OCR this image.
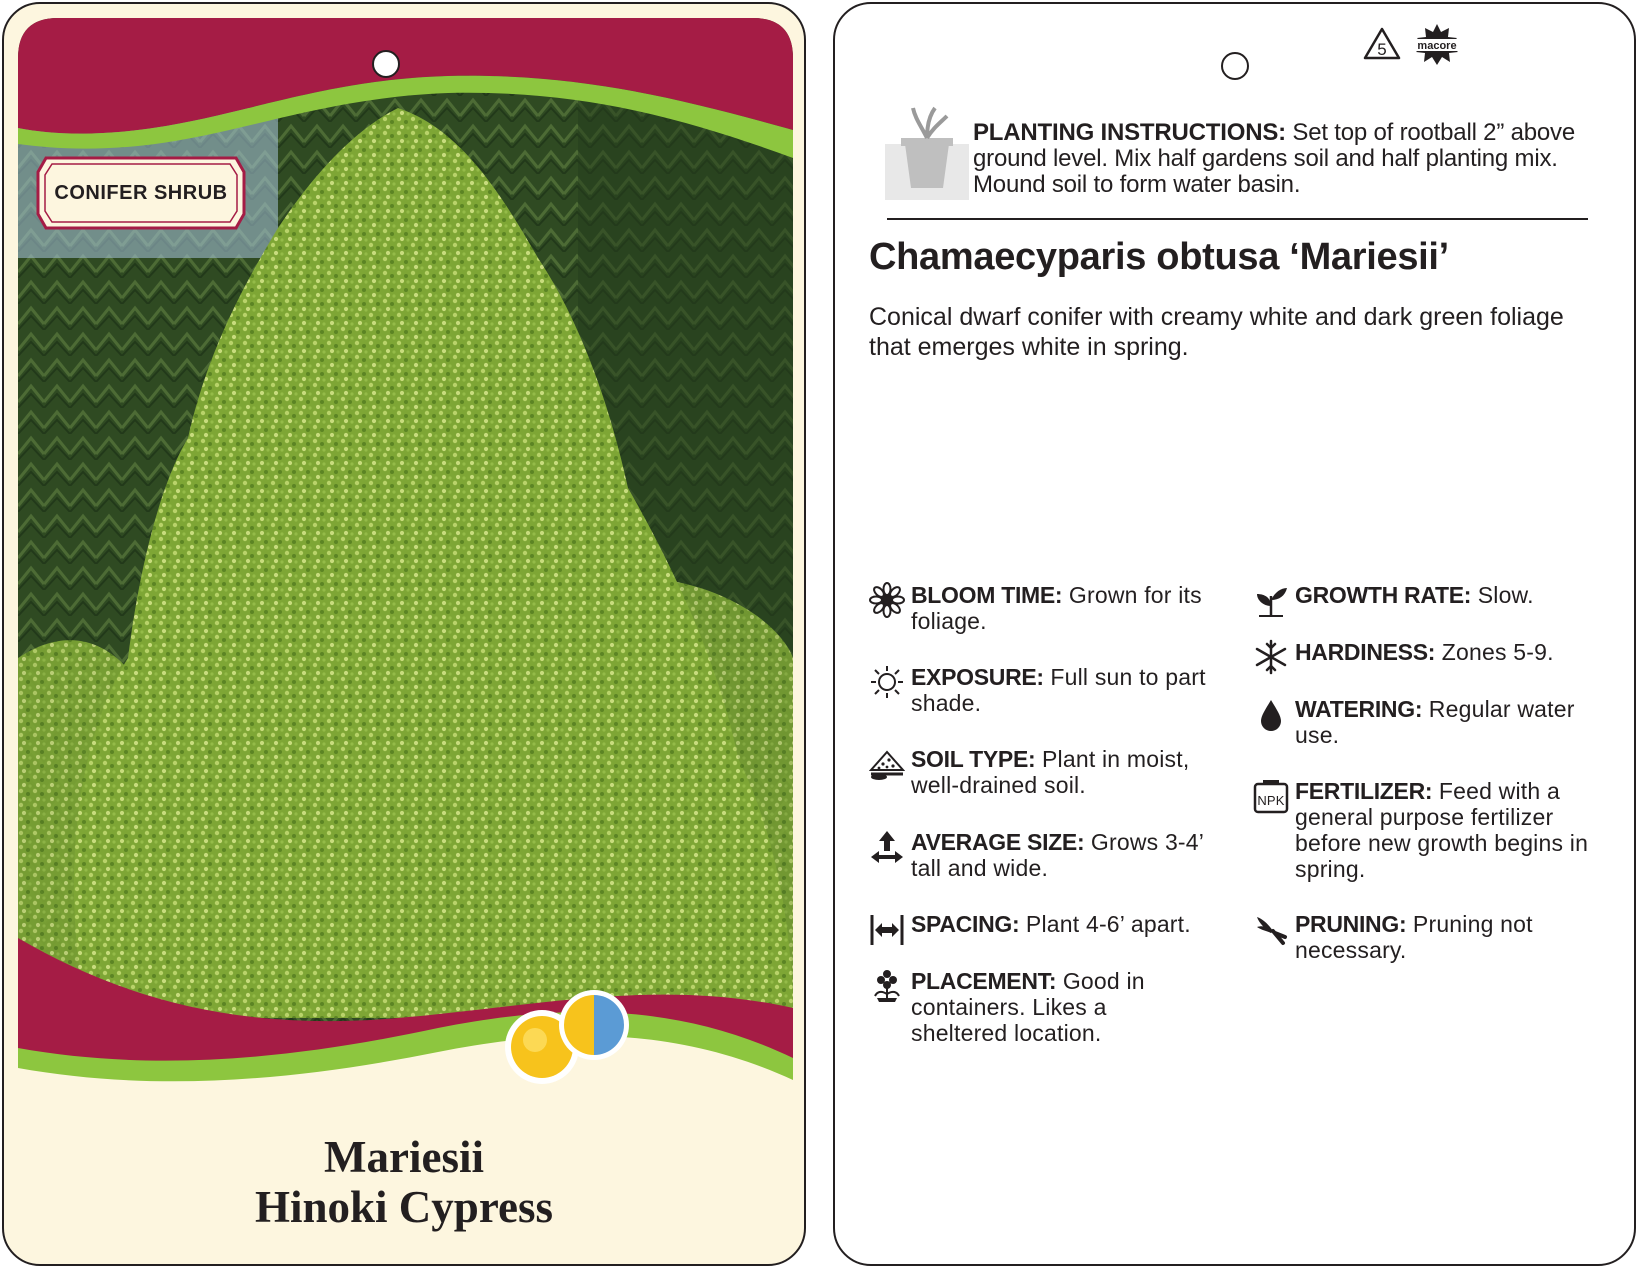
CONIFER SHRUB
Mariesii
Hinoki Cypress
5	macore
PLANTING INSTRUCTIONS: Set top of rootball 2” above ground level. Mix half gardens soil and half planting mix. Mound soil to form water basin.
Chamaecyparis obtusa ‘Mariesii’
Conical dwarf conifer with creamy white and dark green foliage that emerges white in spring.
BLOOM TIME: Grown for its foliage.
EXPOSURE: Full sun to part shade.
SOIL TYPE: Plant in moist, well-drained soil.
AVERAGE SIZE: Grows 3-4’ tall and wide.
SPACING: Plant 4-6’ apart.
PLACEMENT: Good in containers. Likes a sheltered location.
GROWTH RATE: Slow.
HARDINESS: Zones 5-9.
WATERING: Regular water use.
NPK FERTILIZER: Feed with a general purpose fertilizer before new growth begins in spring.
PRUNING: Pruning not necessary.
